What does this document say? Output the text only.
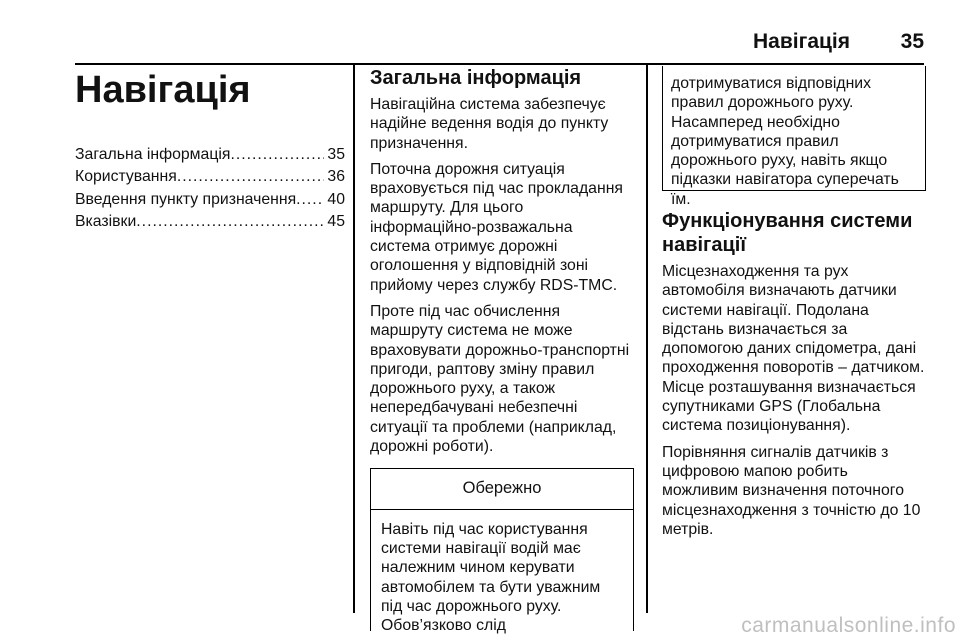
Навігація 35
Навігація
Загальна інформація .....	35
Користування .....	36
Введення пункту призначення ..... 40
Вказівки .....	45
Загальна інформація

Навігаційна система забезпечує надійне ведення водія до пункту призначення.

Поточна дорожня ситуація враховується під час прокладання маршруту. Для цього інформаційно-розважальна система отримує дорожні оголошення у відповідній зоні прийому через службу RDS-TMC.

Проте під час обчислення маршруту система не може враховувати дорожньо-транспортні пригоди, раптову зміну правил дорожнього руху, а також непередбачувані небезпечні ситуації та проблеми (наприклад, дорожні роботи).

Обережно
Навіть під час користування системи навігації водій має належним чином керувати автомобілем та бути уважним під час дорожнього руху. Обов’язково слід
дотримуватися відповідних правил дорожнього руху. Насамперед необхідно дотримуватися правил дорожнього руху, навіть якщо підказки навігатора суперечать їм.
Функціонування системи навігації

Місцезнаходження та рух автомобіля визначають датчики системи навігації. Подолана відстань визначається за допомогою даних спідометра, дані проходження поворотів – датчиком. Місце розташування визначається супутниками GPS (Глобальна система позиціонування).

Порівняння сигналів датчиків з цифровою мапою робить можливим визначення поточного місцезнаходження з точністю до 10 метрів.

carmanualsonline.info
